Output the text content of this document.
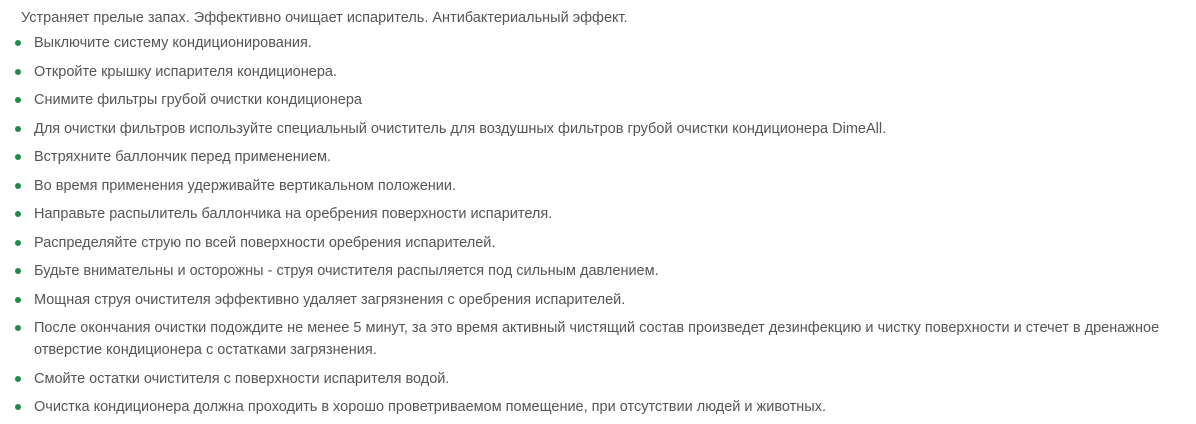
Устраняет прелые запах. Эффективно очищает испаритель. Антибактериальный эффект.

Выключите систему кондиционирования.
Откройте крышку испарителя кондиционера.
Снимите фильтры грубой очистки кондиционера
Для очистки фильтров используйте специальный очиститель для воздушных фильтров грубой очистки кондиционера DimeAll.
Встряхните баллончик перед применением.
Во время применения удерживайте вертикальном положении.
Направьте распылитель баллончика на оребрения поверхности испарителя.
Распределяйте струю по всей поверхности оребрения испарителей.
Будьте внимательны и осторожны - струя очистителя распыляется под сильным давлением.
Мощная струя очистителя эффективно удаляет загрязнения с оребрения испарителей.
После окончания очистки подождите не менее 5 минут, за это время активный чистящий состав произведет дезинфекцию и чистку поверхности и стечет в дренажное отверстие кондиционера с остатками загрязнения.
Смойте остатки очистителя с поверхности испарителя водой.
Очистка кондиционера должна проходить в хорошо проветриваемом помещение, при отсутствии людей и животных.
